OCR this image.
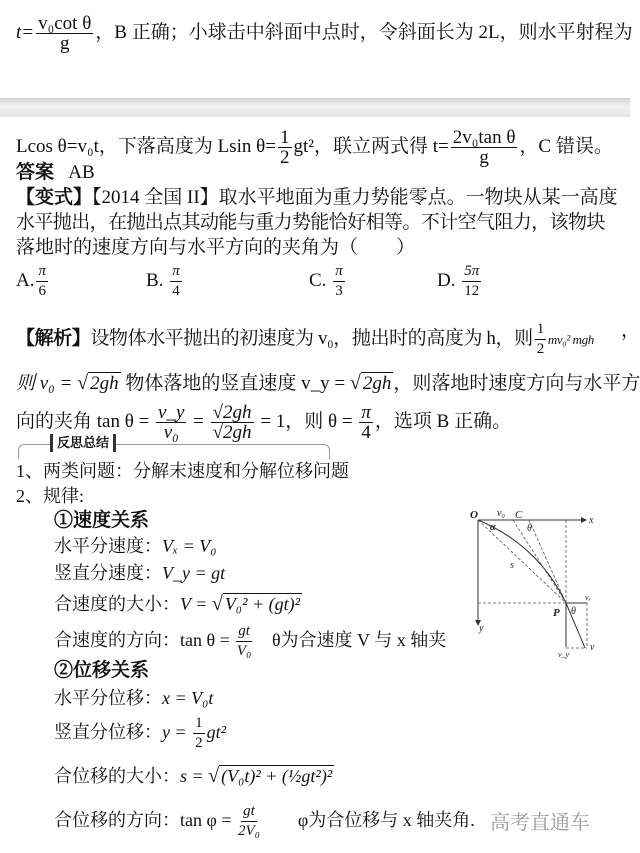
$t= \frac{\text{v₀cot θ}}{g}$ ，B 正确；小球击中斜面中点时，令斜面长为 2L，则水平射程为
Lcos θ=v₀t，下落高度为 Lsin $\theta= \frac{1}{2} gt^2$，联立两式得 $t= \frac{\text{2v₀tan θ}}{g}$ ，C 错误。
答案 AB
【变式】【2014 全国 II】取水平地面为重力势能零点。一物块从某一高度
水平抛出，在抛出点其动能与重力势能恰好相等。不计空气阻力，该物块
落地时的速度方向与水平方向的夹角为（　　）
A. $\frac{\pi}{6}$	B. $\frac{\pi}{4}$	C. $\frac{\pi}{3}$	D. $\frac{5\pi}{12}$
【解析】设物体水平抛出的初速度为 v₀，抛出时的高度为 h，则 $\frac{1}{2} mv_0^2$ mgh ，
则 v₀ = √ 2gh 物体落地的竖直速度 v_y = √ 2gh ，则落地时速度方向与水平方
向的夹角 $\tan \theta = \frac{v\_y}{\text{v₀}} = \frac{√2gh}{√2gh} = 1$，则 $\theta = \frac{\pi}{4}$ ，选项 B 正确。
反思总结
1、两类问题：分解末速度和分解位移问题
2、规律:
①速度关系
水平分速度：Vₓ = V₀
竖直分速度：V_y = gt
合速度的大小：V = √ V₀² + (gt)²
合速度的方向：$\tan \theta = \frac{gt}{\text{V₀}}$ θ为合速度 V 与 x 轴夹
②位移关系
水平分位移：x = V₀t
竖直分位移：$y = \frac{1}{2} gt^2$
合位移的大小：s = √ (V₀t)² + (½gt²)²
合位移的方向：$\tan \varphi = \frac{gt}{\text{2V₀}}$ φ为合位移与 x 轴夹角.
O v₀ C	x
α	θ
s
P θ
vₓ
y
v_y
v
高考直通车
